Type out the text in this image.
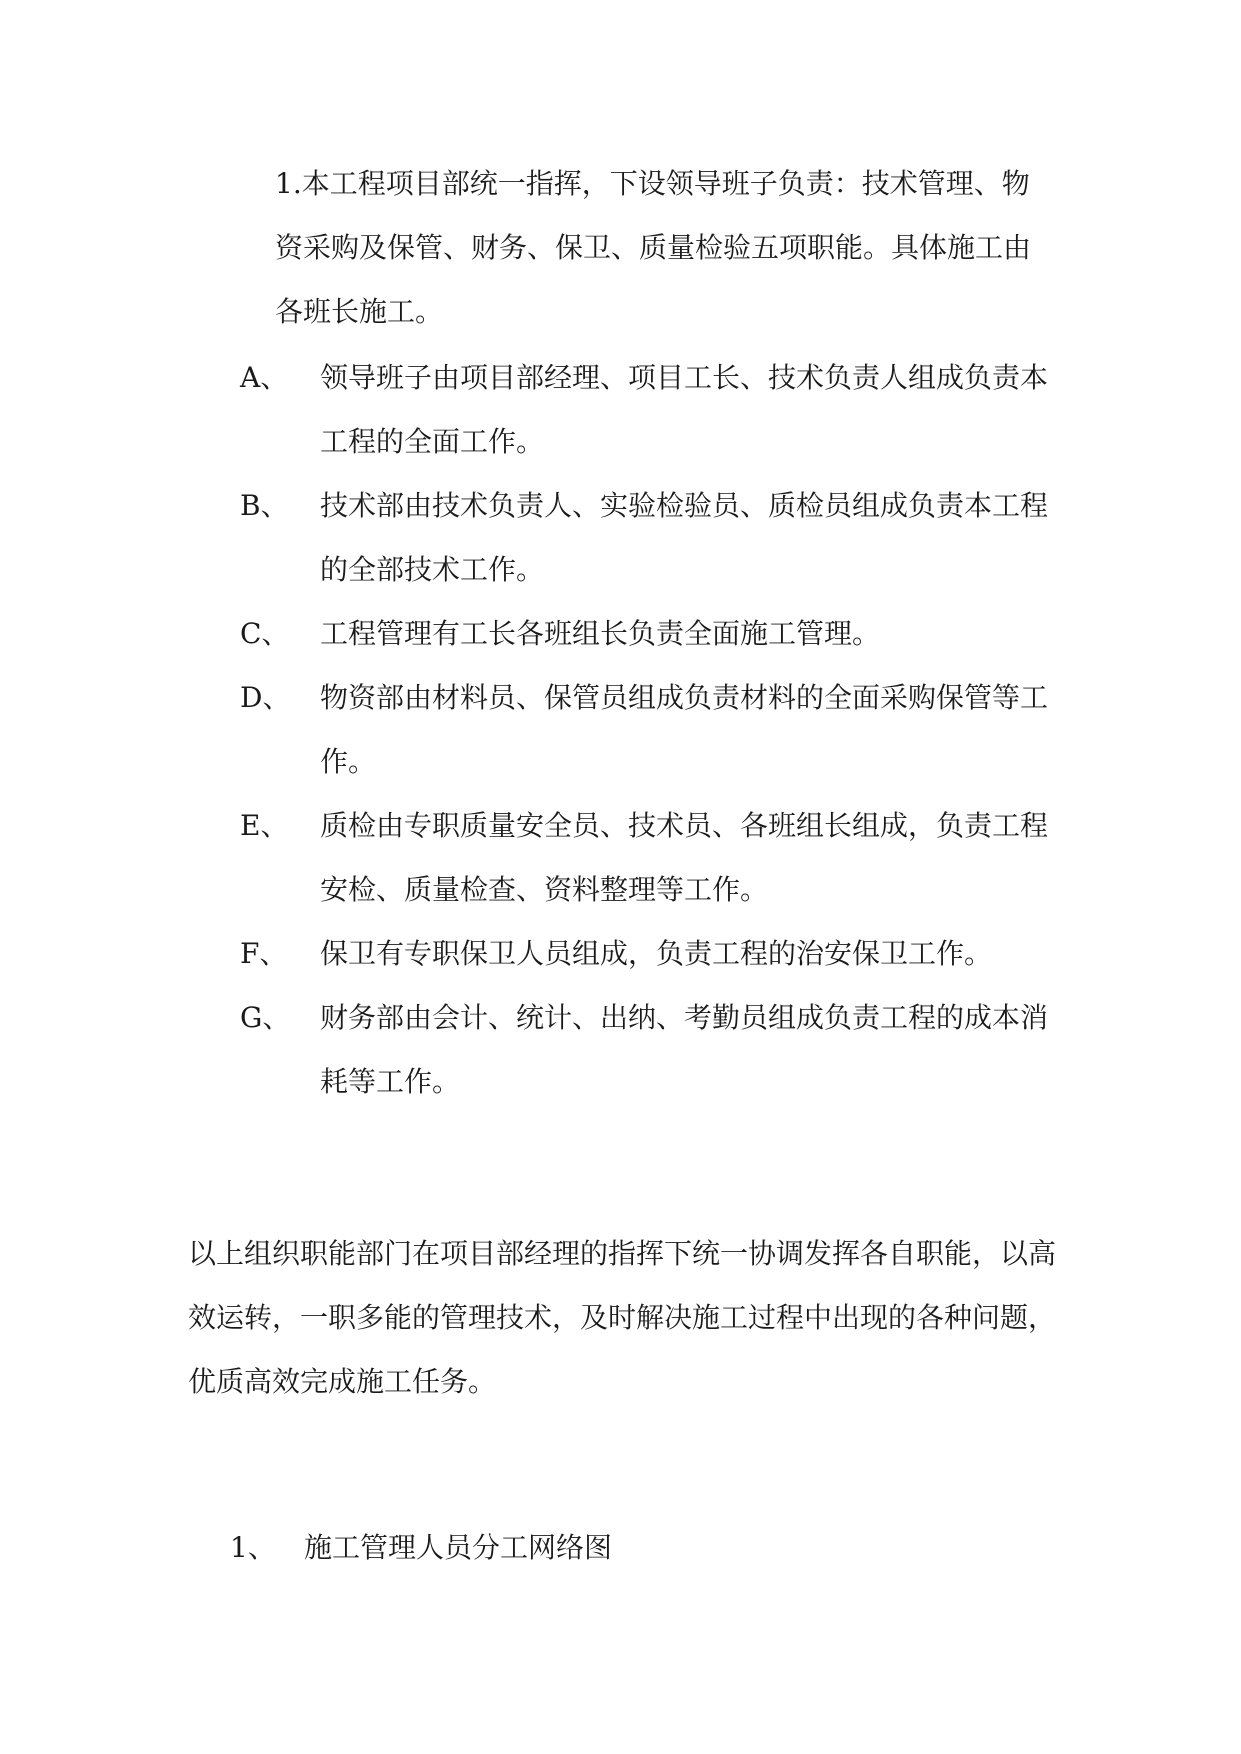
1.本工程项目部统一指挥，下设领导班子负责：技术管理、物资采购及保管、财务、保卫、质量检验五项职能。具体施工由各班长施工。

A、	领导班子由项目部经理、项目工长、技术负责人组成负责本工程的全面工作。
B、	技术部由技术负责人、实验检验员、质检员组成负责本工程的全部技术工作。
C、	工程管理有工长各班组长负责全面施工管理。
D、	物资部由材料员、保管员组成负责材料的全面采购保管等工作。
E、	质检由专职质量安全员、技术员、各班组长组成，负责工程安检、质量检查、资料整理等工作。
F、	保卫有专职保卫人员组成，负责工程的治安保卫工作。
G、	财务部由会计、统计、出纳、考勤员组成负责工程的成本消耗等工作。

以上组织职能部门在项目部经理的指挥下统一协调发挥各自职能，以高效运转，一职多能的管理技术，及时解决施工过程中出现的各种问题，优质高效完成施工任务。

1、 施工管理人员分工网络图
